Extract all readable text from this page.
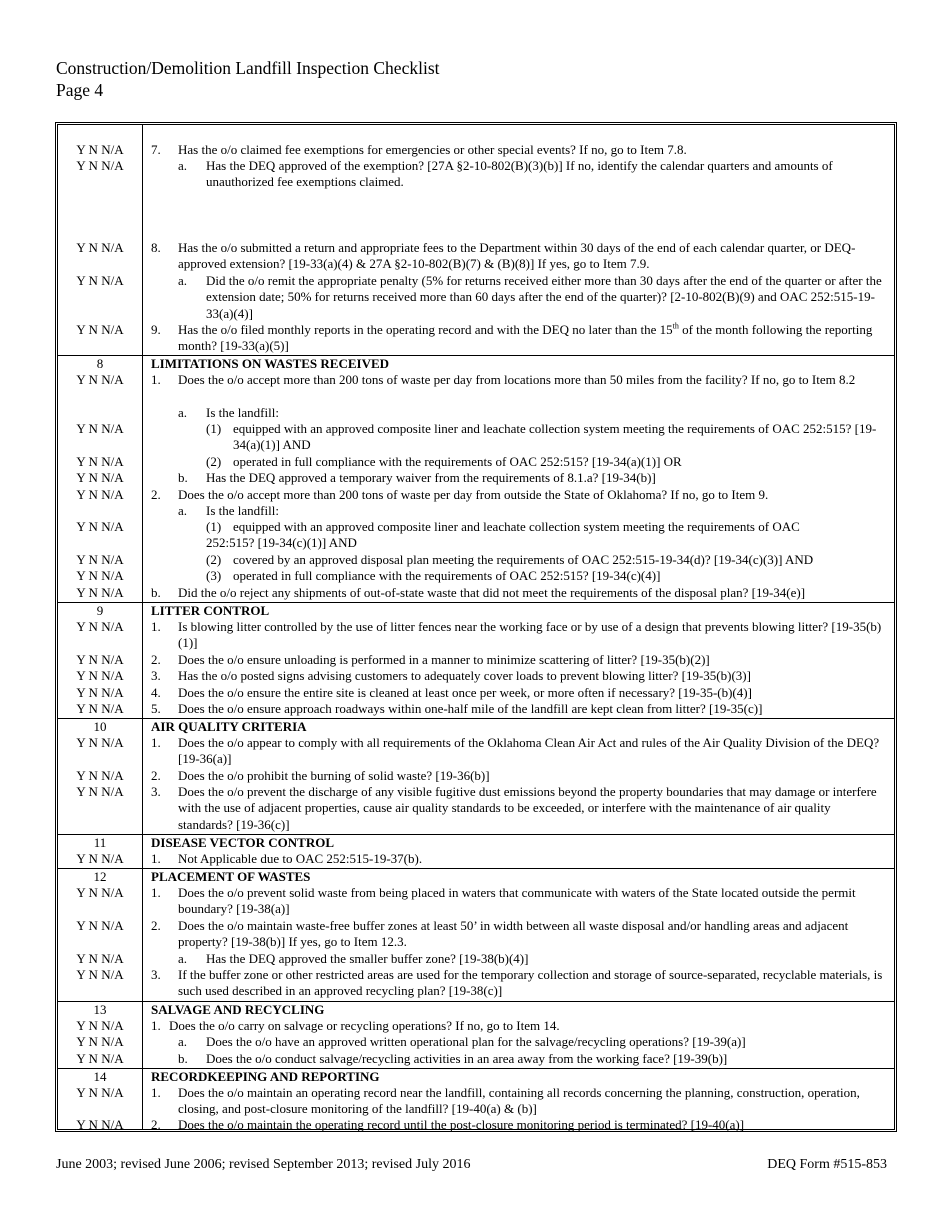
Construction/Demolition Landfill Inspection Checklist
Page 4
Y N N/A	7. Has the o/o claimed fee exemptions for emergencies or other special events? If no, go to Item 7.8.
Y N N/A	a. Has the DEQ approved of the exemption? [27A §2-10-802(B)(3)(b)] If no, identify the calendar quarters and amounts of unauthorized fee exemptions claimed.
Y N N/A	8. Has the o/o submitted a return and appropriate fees to the Department within 30 days of the end of each calendar quarter, or DEQ-approved extension? [19-33(a)(4) & 27A §2-10-802(B)(7) & (B)(8)] If yes, go to Item 7.9.
Y N N/A	a. Did the o/o remit the appropriate penalty (5% for returns received either more than 30 days after the end of the quarter or after the extension date; 50% for returns received more than 60 days after the end of the quarter)? [2-10-802(B)(9) and OAC 252:515-19-33(a)(4)]
Y N N/A	9. Has the o/o filed monthly reports in the operating record and with the DEQ no later than the 15th of the month following the reporting month? [19-33(a)(5)]
8	LIMITATIONS ON WASTES RECEIVED
Y N N/A	1. Does the o/o accept more than 200 tons of waste per day from locations more than 50 miles from the facility? If no, go to Item 8.2
a. Is the landfill:
Y N N/A	(1) equipped with an approved composite liner and leachate collection system meeting the requirements of OAC 252:515? [19-34(a)(1)] AND
Y N N/A	(2) operated in full compliance with the requirements of OAC 252:515? [19-34(a)(1)] OR
Y N N/A	b. Has the DEQ approved a temporary waiver from the requirements of 8.1.a? [19-34(b)]
Y N N/A	2. Does the o/o accept more than 200 tons of waste per day from outside the State of Oklahoma? If no, go to Item 9.
a. Is the landfill:
Y N N/A	(1) equipped with an approved composite liner and leachate collection system meeting the requirements of OAC
252:515? [19-34(c)(1)] AND
Y N N/A	(2) covered by an approved disposal plan meeting the requirements of OAC 252:515-19-34(d)? [19-34(c)(3)] AND
Y N N/A	(3) operated in full compliance with the requirements of OAC 252:515? [19-34(c)(4)]
Y N N/A	b. Did the o/o reject any shipments of out-of-state waste that did not meet the requirements of the disposal plan? [19-34(e)]
9	LITTER CONTROL
Y N N/A	1. Is blowing litter controlled by the use of litter fences near the working face or by use of a design that prevents blowing litter? [19-35(b)(1)]
Y N N/A	2. Does the o/o ensure unloading is performed in a manner to minimize scattering of litter? [19-35(b)(2)]
Y N N/A	3. Has the o/o posted signs advising customers to adequately cover loads to prevent blowing litter? [19-35(b)(3)]
Y N N/A	4. Does the o/o ensure the entire site is cleaned at least once per week, or more often if necessary? [19-35-(b)(4)]
Y N N/A	5. Does the o/o ensure approach roadways within one-half mile of the landfill are kept clean from litter? [19-35(c)]
10	AIR QUALITY CRITERIA
Y N N/A	1. Does the o/o appear to comply with all requirements of the Oklahoma Clean Air Act and rules of the Air Quality Division of the DEQ? [19-36(a)]
Y N N/A	2. Does the o/o prohibit the burning of solid waste? [19-36(b)]
Y N N/A	3. Does the o/o prevent the discharge of any visible fugitive dust emissions beyond the property boundaries that may damage or interfere with the use of adjacent properties, cause air quality standards to be exceeded, or interfere with the maintenance of air quality standards? [19-36(c)]
11	DISEASE VECTOR CONTROL
Y N N/A	1. Not Applicable due to OAC 252:515-19-37(b).
12	PLACEMENT OF WASTES
Y N N/A	1. Does the o/o prevent solid waste from being placed in waters that communicate with waters of the State located outside the permit boundary? [19-38(a)]
Y N N/A	2. Does the o/o maintain waste-free buffer zones at least 50’ in width between all waste disposal and/or handling areas and adjacent property? [19-38(b)] If yes, go to Item 12.3.
Y N N/A	a. Has the DEQ approved the smaller buffer zone? [19-38(b)(4)]
Y N N/A	3. If the buffer zone or other restricted areas are used for the temporary collection and storage of source-separated, recyclable materials, is such used described in an approved recycling plan? [19-38(c)]
13	SALVAGE AND RECYCLING
Y N N/A	1. Does the o/o carry on salvage or recycling operations? If no, go to Item 14.
Y N N/A	a. Does the o/o have an approved written operational plan for the salvage/recycling operations? [19-39(a)]
Y N N/A	b. Does the o/o conduct salvage/recycling activities in an area away from the working face? [19-39(b)]
14	RECORDKEEPING AND REPORTING
Y N N/A	1. Does the o/o maintain an operating record near the landfill, containing all records concerning the planning, construction, operation, closing, and post-closure monitoring of the landfill? [19-40(a) & (b)]
Y N N/A	2. Does the o/o maintain the operating record until the post-closure monitoring period is terminated? [19-40(a)]
June 2003; revised June 2006; revised September 2013; revised July 2016	DEQ Form #515-853
